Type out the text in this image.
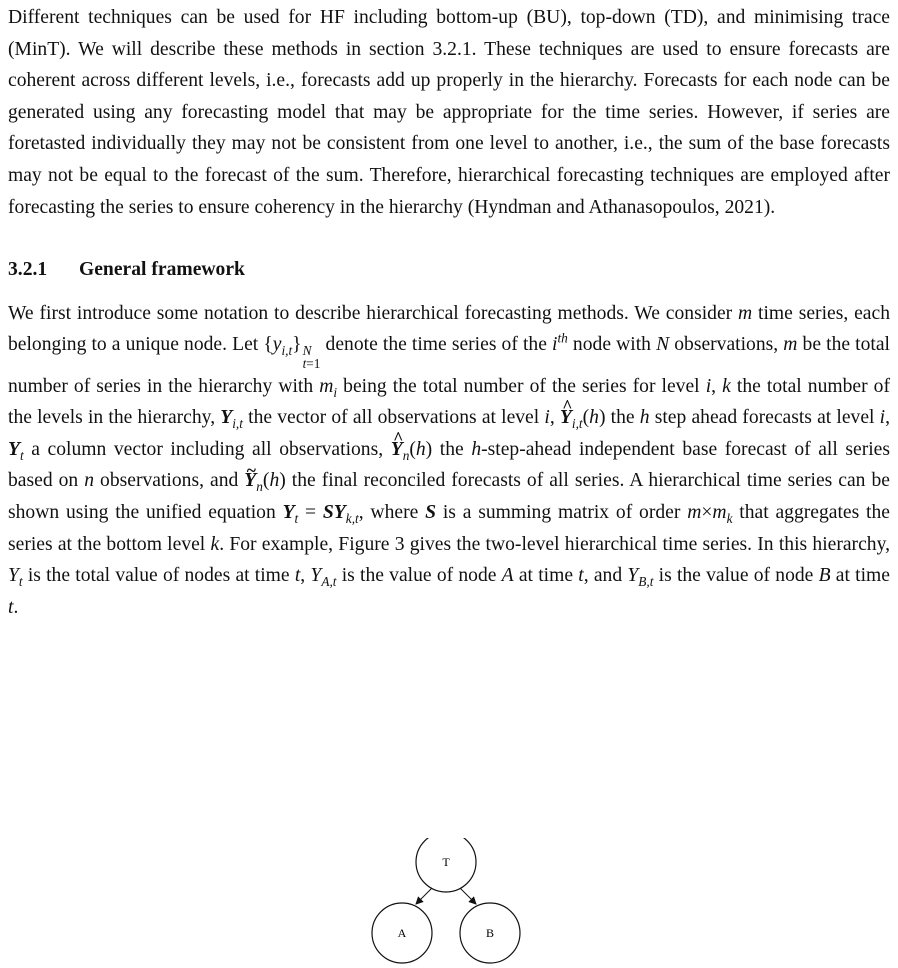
Different techniques can be used for HF including bottom-up (BU), top-down (TD), and minimising trace (MinT). We will describe these methods in section 3.2.1. These techniques are used to ensure forecasts are coherent across different levels, i.e., forecasts add up properly in the hierarchy. Forecasts for each node can be generated using any forecasting model that may be appropriate for the time series. However, if series are foretasted individually they may not be consistent from one level to another, i.e., the sum of the base forecasts may not be equal to the forecast of the sum. Therefore, hierarchical forecasting techniques are employed after forecasting the series to ensure coherency in the hierarchy (Hyndman and Athanasopoulos, 2021).

3.2.1 General framework

We first introduce some notation to describe hierarchical forecasting methods. We consider m time series, each belonging to a unique node. Let $\{y_{i,t}\}$ N
t=1
denote the time series of the $i^{th}$ node with N observations, m be the total number of series in the hierarchy with $m_i$ being the total number of the series for level i, k the total number of the levels in the hierarchy, $Y_{i,t}$ the vector of all observations at level i, ^ $Y_{i,t}(h)$ the h step ahead forecasts at level i, $Y_t$ a column vector including all observations, ^ $Y_n(h)$ the h-step-ahead independent base forecast of all series based on n observations, and ~ $Y_n(h)$ the final reconciled forecasts of all series. A hierarchical time series can be shown using the unified equation $Y_t = SY_{k,t}$, where S is a summing matrix of order $m\times m_k$ that aggregates the series at the bottom level k. For example, Figure 3 gives the two-level hierarchical time series. In this hierarchy, $Y_t$ is the total value of nodes at time t, $Y_{A,t}$ is the value of node A at time t, and $Y_{B,t}$ is the value of node B at time t.

T
A	B
